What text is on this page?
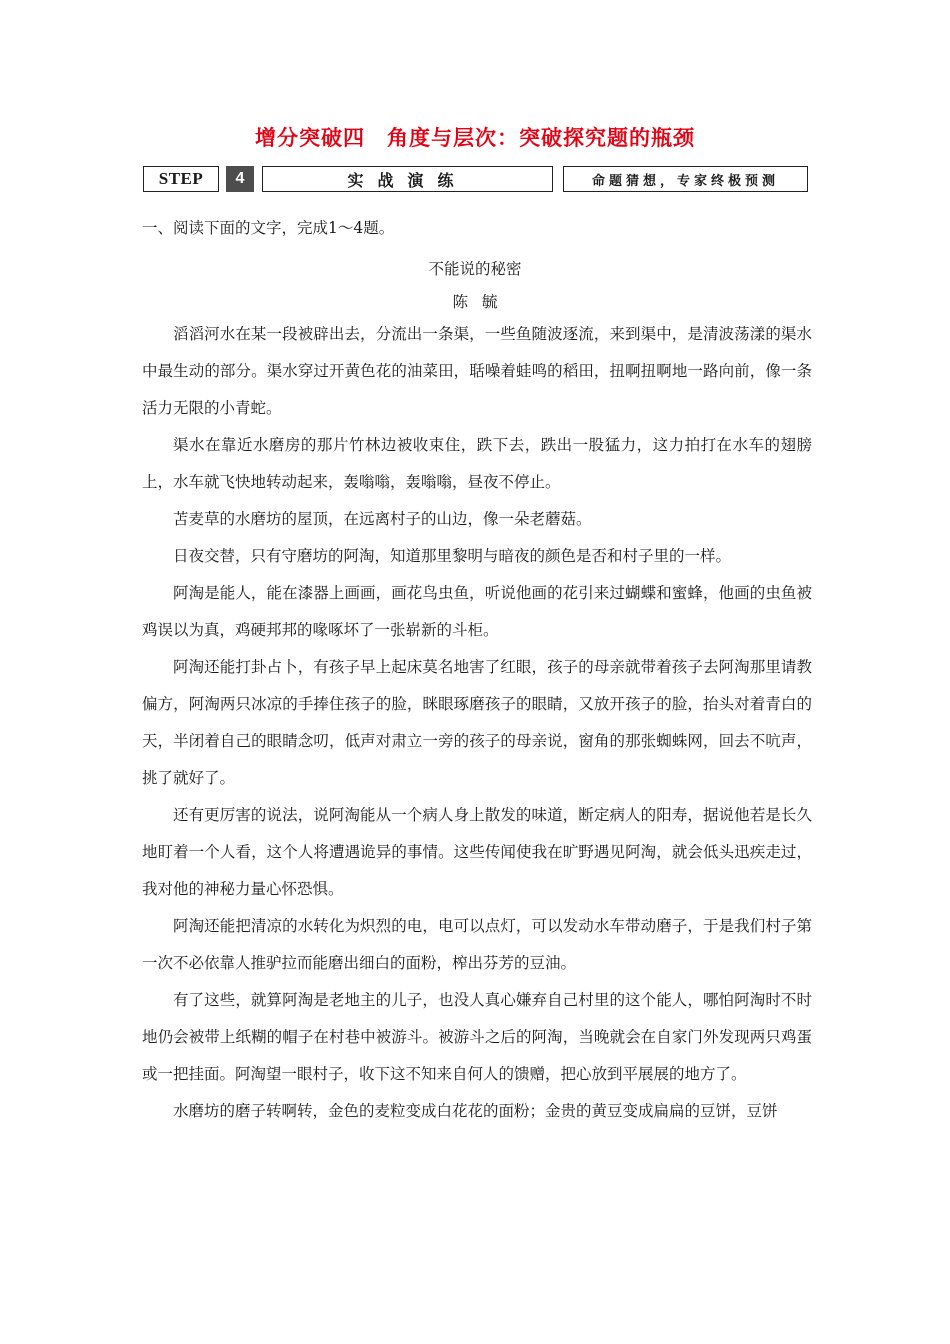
增分突破四　角度与层次：突破探究题的瓶颈
STEP	4	实战演练	命题猜想，专家终极预测
一、阅读下面的文字，完成1～4题。
不能说的秘密
陈毓

滔滔河水在某一段被辟出去，分流出一条渠，一些鱼随波逐流，来到渠中，是清波荡漾的渠水中最生动的部分。渠水穿过开黄色花的油菜田，聒噪着蛙鸣的稻田，扭啊扭啊地一路向前，像一条活力无限的小青蛇。

渠水在靠近水磨房的那片竹林边被收束住，跌下去，跌出一股猛力，这力拍打在水车的翅膀上，水车就飞快地转动起来，轰嗡嗡，轰嗡嗡，昼夜不停止。

苫麦草的水磨坊的屋顶，在远离村子的山边，像一朵老蘑菇。

日夜交替，只有守磨坊的阿淘，知道那里黎明与暗夜的颜色是否和村子里的一样。

阿淘是能人，能在漆器上画画，画花鸟虫鱼，听说他画的花引来过蝴蝶和蜜蜂，他画的虫鱼被鸡误以为真，鸡硬邦邦的喙啄坏了一张崭新的斗柜。

阿淘还能打卦占卜，有孩子早上起床莫名地害了红眼，孩子的母亲就带着孩子去阿淘那里请教偏方，阿淘两只冰凉的手捧住孩子的脸，眯眼琢磨孩子的眼睛，又放开孩子的脸，抬头对着青白的天，半闭着自己的眼睛念叨，低声对肃立一旁的孩子的母亲说，窗角的那张蜘蛛网，回去不吭声，挑了就好了。

还有更厉害的说法，说阿淘能从一个病人身上散发的味道，断定病人的阳寿，据说他若是长久地盯着一个人看，这个人将遭遇诡异的事情。这些传闻使我在旷野遇见阿淘，就会低头迅疾走过，我对他的神秘力量心怀恐惧。

阿淘还能把清凉的水转化为炽烈的电，电可以点灯，可以发动水车带动磨子，于是我们村子第一次不必依靠人推驴拉而能磨出细白的面粉，榨出芬芳的豆油。

有了这些，就算阿淘是老地主的儿子，也没人真心嫌弃自己村里的这个能人，哪怕阿淘时不时地仍会被带上纸糊的帽子在村巷中被游斗。被游斗之后的阿淘，当晚就会在自家门外发现两只鸡蛋或一把挂面。阿淘望一眼村子，收下这不知来自何人的馈赠，把心放到平展展的地方了。

水磨坊的磨子转啊转，金色的麦粒变成白花花的面粉；金贵的黄豆变成扁扁的豆饼，豆饼
